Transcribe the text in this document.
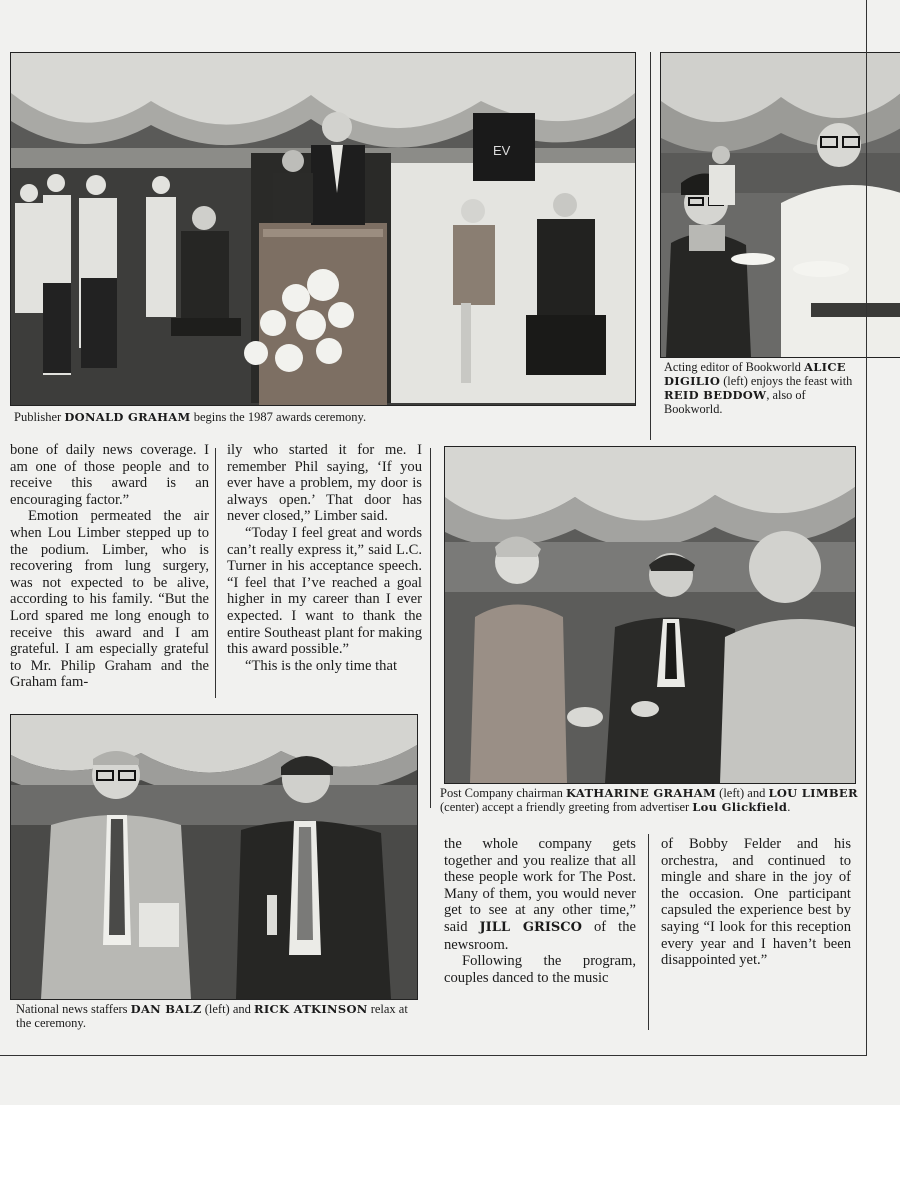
EV
Publisher DONALD GRAHAM begins the 1987 awards ceremony.
Acting editor of Bookworld ALICE DIGILIO (left) enjoys the feast with REID BEDDOW, also of Bookworld.

bone of daily news coverage. I am one of those people and to receive this award is an encouraging factor.”

Emotion permeated the air when Lou Limber stepped up to the podium. Limber, who is recovering from lung surgery, was not expected to be alive, according to his family. “But the Lord spared me long enough to receive this award and I am grateful. I am especially grateful to Mr. Philip Graham and the Graham fam-

ily who started it for me. I remember Phil saying, ‘If you ever have a problem, my door is always open.’ That door has never closed,” Limber said.

“Today I feel great and words can’t really express it,” said L.C. Turner in his acceptance speech. “I feel that I’ve reached a goal higher in my career than I ever expected. I want to thank the entire Southeast plant for making this award possible.”

“This is the only time that

Post Company chairman KATHARINE GRAHAM (left) and LOU LIMBER (center) accept a friendly greeting from advertiser Lou Glickfield.
National news staffers DAN BALZ (left) and RICK ATKINSON relax at the ceremony.

the whole company gets together and you realize that all these people work for The Post. Many of them, you would never get to see at any other time,” said JILL GRISCO of the newsroom.

Following the program, couples danced to the music

of Bobby Felder and his orchestra, and continued to mingle and share in the joy of the occasion. One participant capsuled the experience best by saying “I look for this reception every year and I haven’t been disappointed yet.”
